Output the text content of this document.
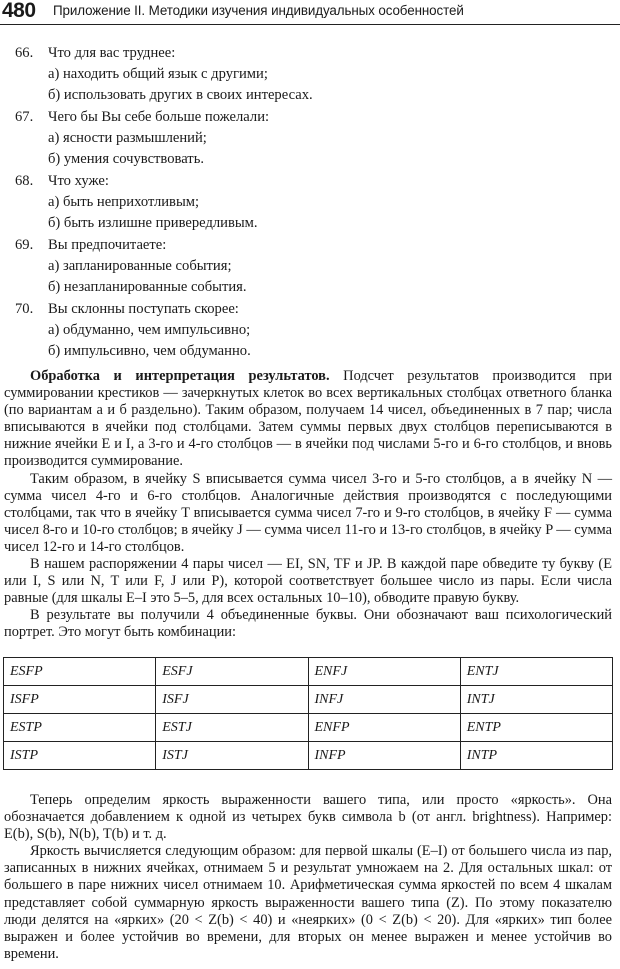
480 Приложение II. Методики изучения индивидуальных особенностей
66. Что для вас труднее:
а) находить общий язык с другими;
б) использовать других в своих интересах.
67. Чего бы Вы себе больше пожелали:
а) ясности размышлений;
б) умения сочувствовать.
68. Что хуже:
а) быть неприхотливым;
б) быть излишне привередливым.
69. Вы предпочитаете:
а) запланированные события;
б) незапланированные события.
70. Вы склонны поступать скорее:
а) обдуманно, чем импульсивно;
б) импульсивно, чем обдуманно.

Обработка и интерпретация результатов. Подсчет результатов производится при суммировании крестиков — зачеркнутых клеток во всех вертикальных столбцах ответного бланка (по вариантам а и б раздельно). Таким образом, получаем 14 чисел, объединенных в 7 пар; числа вписываются в ячейки под столбцами. Затем суммы первых двух столбцов переписываются в нижние ячейки E и I, а 3-го и 4-го столбцов — в ячейки под числами 5-го и 6-го столбцов, и вновь производится суммирование.

Таким образом, в ячейку S вписывается сумма чисел 3-го и 5-го столбцов, а в ячейку N — сумма чисел 4-го и 6-го столбцов. Аналогичные действия производятся с последующими столбцами, так что в ячейку T вписывается сумма чисел 7-го и 9-го столбцов, в ячейку F — сумма чисел 8-го и 10-го столбцов; в ячейку J — сумма чисел 11-го и 13-го столбцов, в ячейку P — сумма чисел 12-го и 14-го столбцов.

В нашем распоряжении 4 пары чисел — EI, SN, TF и JP. В каждой паре обведите ту букву (E или I, S или N, T или F, J или P), которой соответствует большее число из пары. Если числа равные (для шкалы E–I это 5–5, для всех остальных 10–10), обводите правую букву.

В результате вы получили 4 объединенные буквы. Они обозначают ваш психологический портрет. Это могут быть комбинации:

ESFP	ESFJ	ENFJ	ENTJ
ISFP	ISFJ	INFJ	INTJ
ESTP	ESTJ	ENFP	ENTP
ISTP	ISTJ	INFP	INTP

Теперь определим яркость выраженности вашего типа, или просто «яркость». Она обозначается добавлением к одной из четырех букв символа b (от англ. brightness). Например: E(b), S(b), N(b), T(b) и т. д.

Яркость вычисляется следующим образом: для первой шкалы (E–I) от большего числа из пар, записанных в нижних ячейках, отнимаем 5 и результат умножаем на 2. Для остальных шкал: от большего в паре нижних чисел отнимаем 10. Арифметическая сумма яркостей по всем 4 шкалам представляет собой суммарную яркость выраженности вашего типа (Z). По этому показателю люди делятся на «ярких» (20 < Z(b) < 40) и «неярких» (0 < Z(b) < 20). Для «ярких» тип более выражен и более устойчив во времени, для вторых он менее выражен и менее устойчив во времени.
